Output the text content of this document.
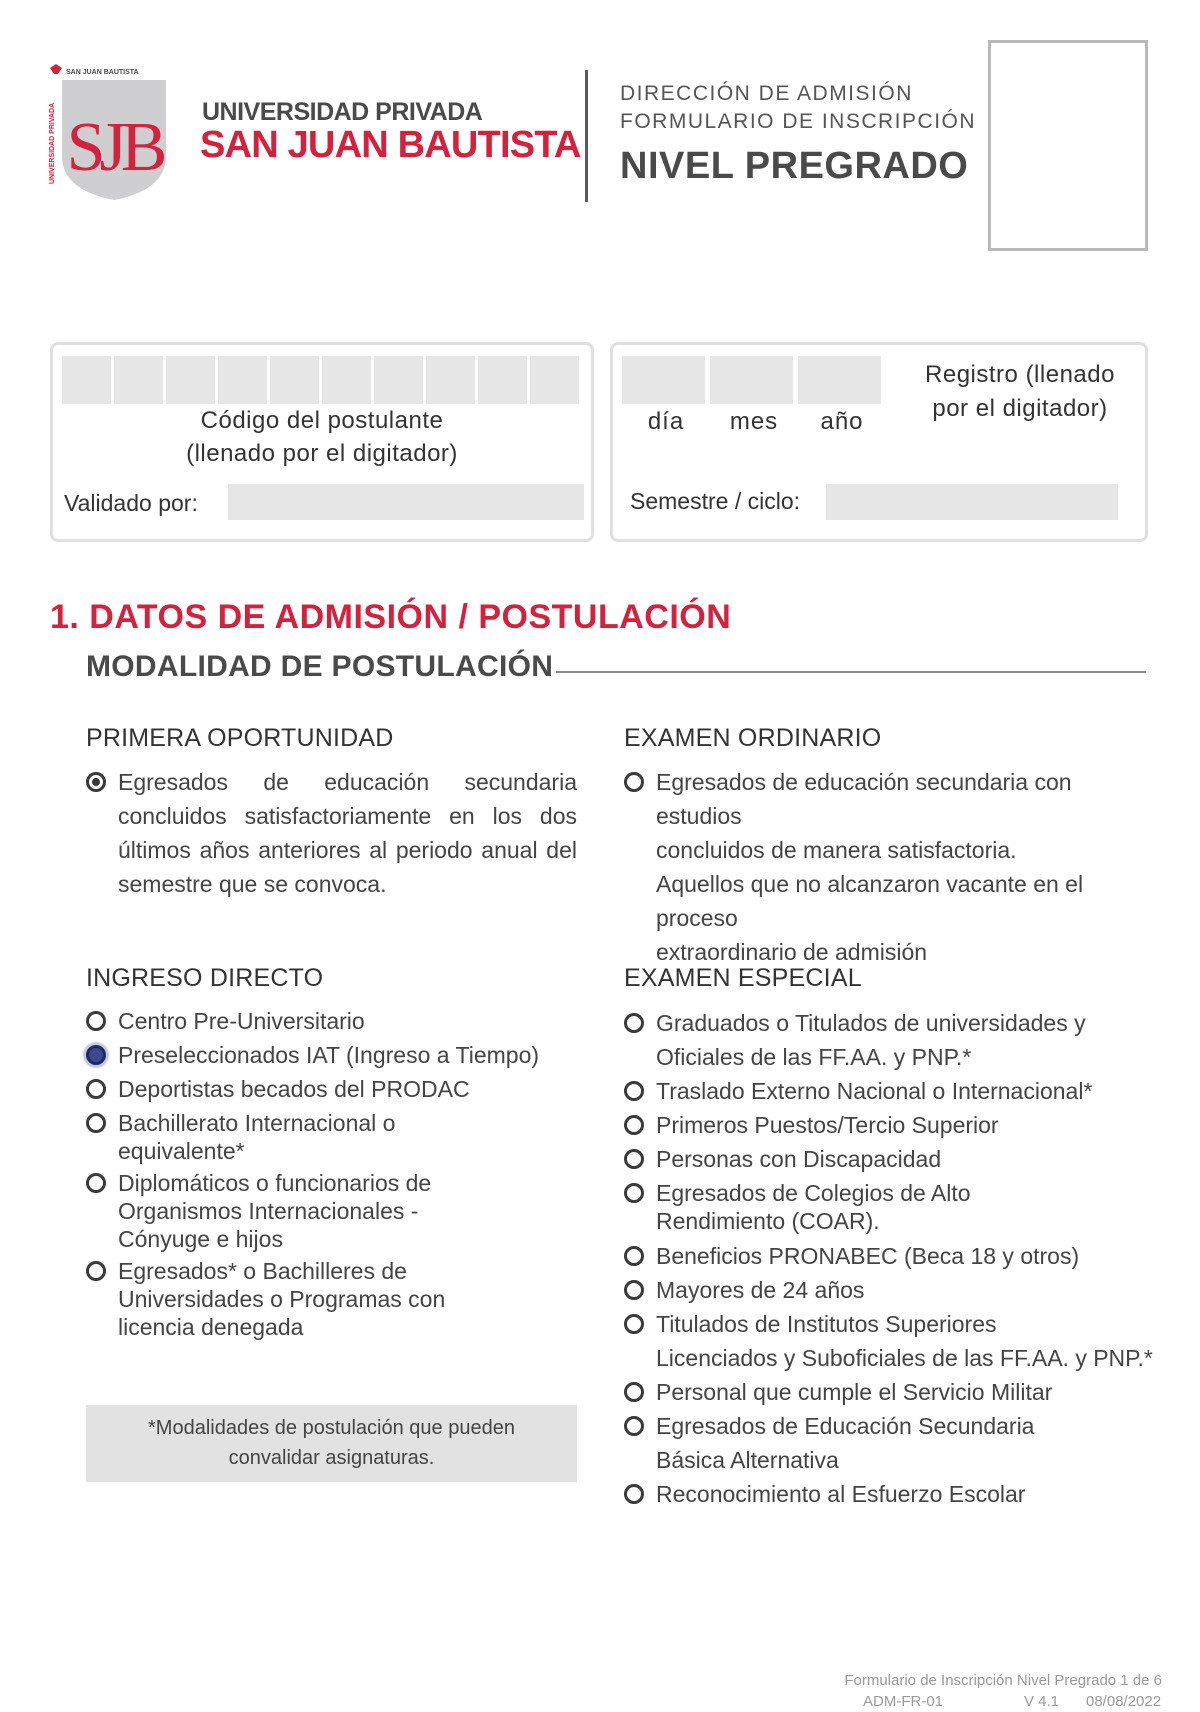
SAN JUAN BAUTISTA
UNIVERSIDAD PRIVADA SJB UNIVERSIDAD PRIVADA
SAN JUAN BAUTISTA
DIRECCIÓN DE ADMISIÓN
FORMULARIO DE INSCRIPCIÓN
NIVEL PREGRADO
Código del postulante
(llenado por el digitador)
Validado por:
día	mes	año
Registro (llenado
por el digitador)
Semestre / ciclo:
1. DATOS DE ADMISIÓN / POSTULACIÓN
MODALIDAD DE POSTULACIÓN
PRIMERA OPORTUNIDAD
Egresados de educación secundaria concluidos satisfactoriamente en los dos últimos años anteriores al periodo anual del semestre que se convoca.
EXAMEN ORDINARIO
Egresados de educación secundaria con estudios
concluidos de manera satisfactoria.
Aquellos que no alcanzaron vacante en el proceso
extraordinario de admisión
INGRESO DIRECTO
Centro Pre-Universitario
Preseleccionados IAT (Ingreso a Tiempo)
Deportistas becados del PRODAC
Bachillerato Internacional o
equivalente*
Diplomáticos o funcionarios de
Organismos Internacionales -
Cónyuge e hijos
Egresados* o Bachilleres de
Universidades o Programas con
licencia denegada
*Modalidades de postulación que pueden
convalidar asignaturas.
EXAMEN ESPECIAL
Graduados o Titulados de universidades y
Oficiales de las FF.AA. y PNP.*
Traslado Externo Nacional o Internacional*
Primeros Puestos/Tercio Superior
Personas con Discapacidad
Egresados de Colegios de Alto
Rendimiento (COAR).
Beneficios PRONABEC (Beca 18 y otros)
Mayores de 24 años
Titulados de Institutos Superiores
Licenciados y Suboficiales de las FF.AA. y PNP.*
Personal que cumple el Servicio Militar
Egresados de Educación Secundaria
Básica Alternativa
Reconocimiento al Esfuerzo Escolar
Formulario de Inscripción Nivel Pregrado 1 de 6
ADM-FR-01	V 4.1 08/08/2022
